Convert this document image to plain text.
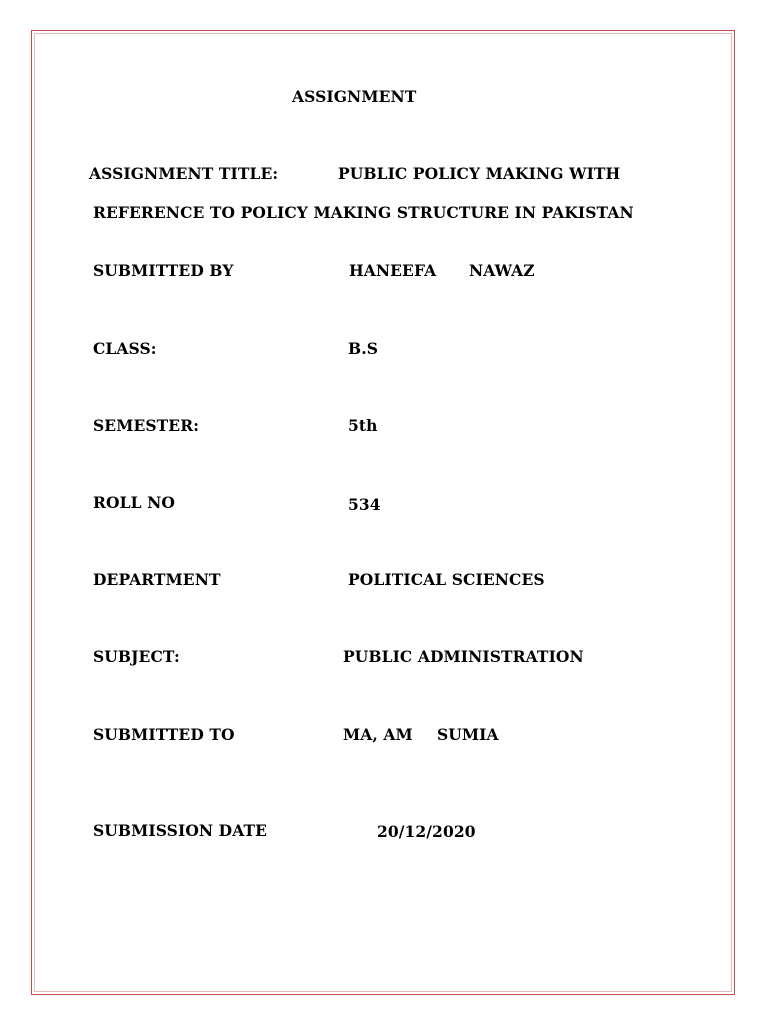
ASSIGNMENT
ASSIGNMENT TITLE:	PUBLIC POLICY MAKING WITH
REFERENCE TO POLICY MAKING STRUCTURE IN PAKISTAN
SUBMITTED BY	HANEEFA NAWAZ
CLASS:	B.S
SEMESTER:	5th
ROLL NO	534
DEPARTMENT	POLITICAL SCIENCES
SUBJECT:	PUBLIC ADMINISTRATION
SUBMITTED TO	MA, AM SUMIA
SUBMISSION DATE	20/12/2020
